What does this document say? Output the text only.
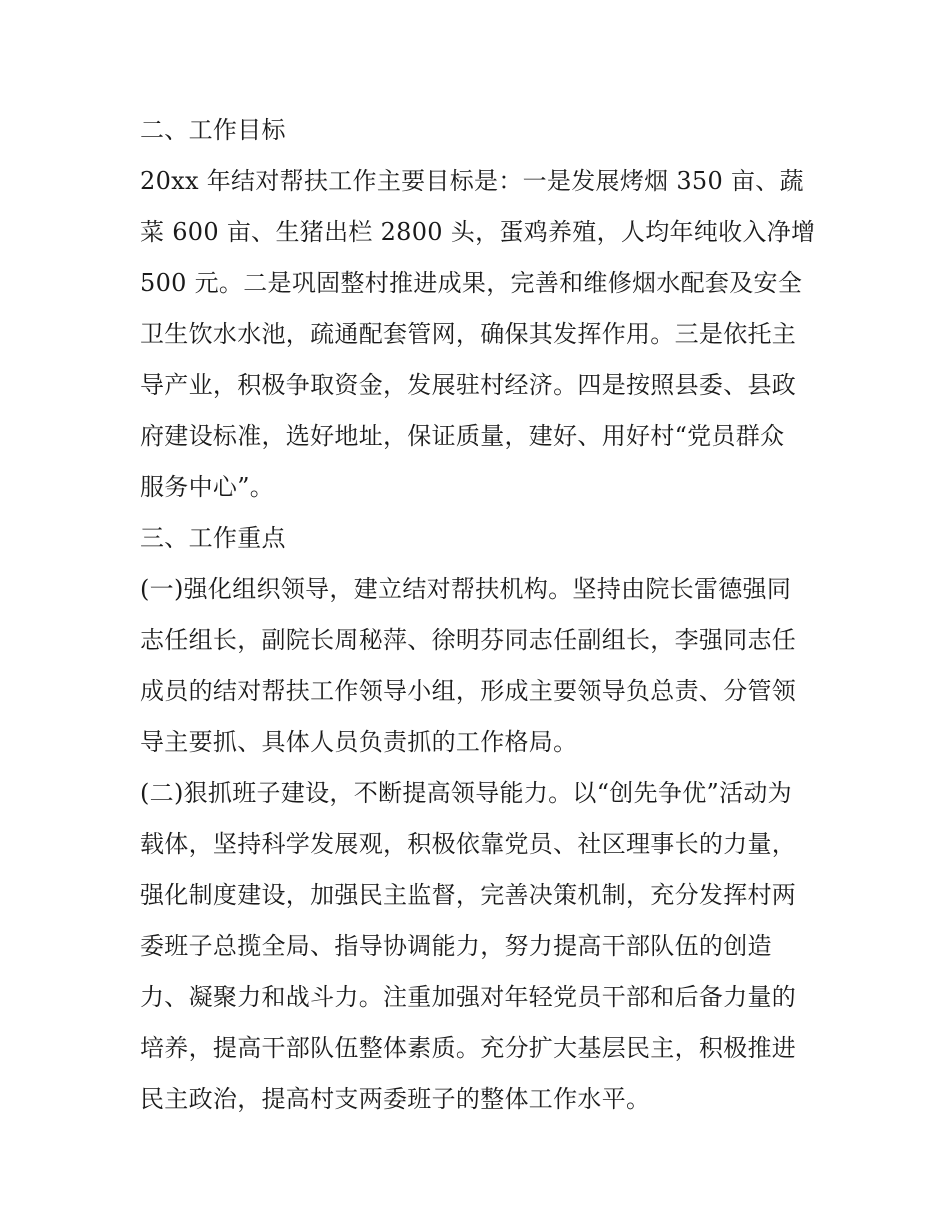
二、工作目标
20xx 年结对帮扶工作主要目标是：一是发展烤烟 350 亩、蔬
菜 600 亩、生猪出栏 2800 头，蛋鸡养殖，人均年纯收入净增
500 元。二是巩固整村推进成果，完善和维修烟水配套及安全
卫生饮水水池，疏通配套管网，确保其发挥作用。三是依托主
导产业，积极争取资金，发展驻村经济。四是按照县委、县政
府建设标准，选好地址，保证质量，建好、用好村“党员群众
服务中心”。
三、工作重点
(一)强化组织领导，建立结对帮扶机构。坚持由院长雷德强同
志任组长，副院长周秘萍、徐明芬同志任副组长，李强同志任
成员的结对帮扶工作领导小组，形成主要领导负总责、分管领
导主要抓、具体人员负责抓的工作格局。
(二)狠抓班子建设，不断提高领导能力。以“创先争优”活动为
载体，坚持科学发展观，积极依靠党员、社区理事长的力量，
强化制度建设，加强民主监督，完善决策机制，充分发挥村两
委班子总揽全局、指导协调能力，努力提高干部队伍的创造
力、凝聚力和战斗力。注重加强对年轻党员干部和后备力量的
培养，提高干部队伍整体素质。充分扩大基层民主，积极推进
民主政治，提高村支两委班子的整体工作水平。
